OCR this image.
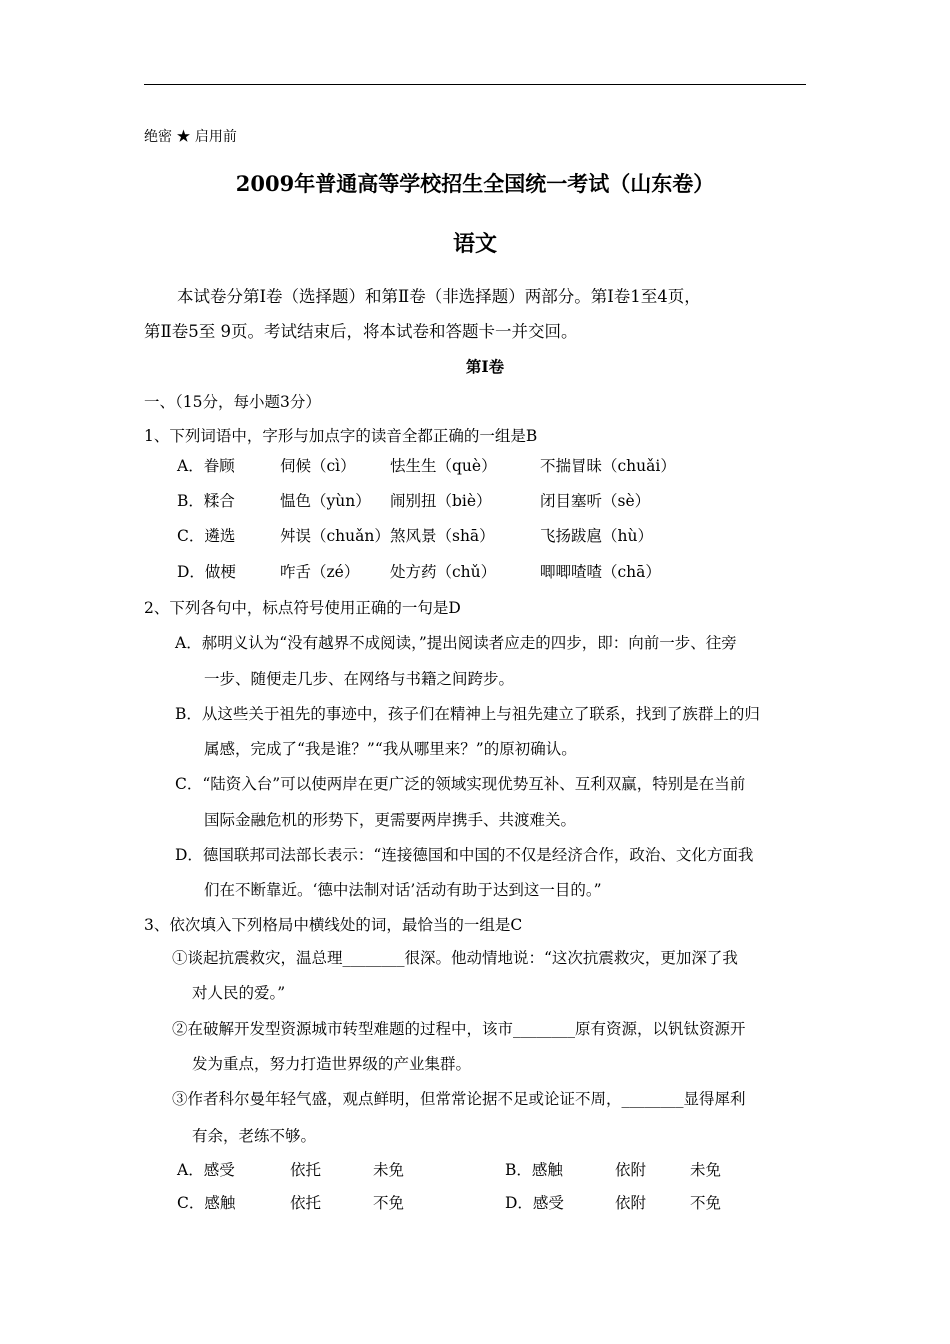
绝密 ★ 启用前
2009年普通高等学校招生全国统一考试（山东卷）
语文
本试卷分第Ⅰ卷（选择题）和第Ⅱ卷（非选择题）两部分。第Ⅰ卷1至4页，
第Ⅱ卷5至 9页。考试结束后，将本试卷和答题卡一并交回。
第Ⅰ卷
一、（15分，每小题3分）
1、下列词语中，字形与加点字的读音全都正确的一组是B
A．眷顾	伺候（cì） 怯生生（què）	不揣冒昧（chuǎi）
B．糅合	愠色（yùn） 闹别扭（biè）	闭目塞听（sè）
C．遴选	舛误（chuǎn） 煞风景（shā）	飞扬跋扈（hù）
D．做梗	咋舌（zé） 处方药（chǔ）	唧唧喳喳（chā）
2、下列各句中，标点符号使用正确的一句是D
A．郝明义认为“没有越界不成阅读，”提出阅读者应走的四步，即：向前一步、往旁
一步、随便走几步、在网络与书籍之间跨步。
B．从这些关于祖先的事迹中，孩子们在精神上与祖先建立了联系，找到了族群上的归
属感，完成了“我是谁？”“我从哪里来？”的原初确认。
C．“陆资入台”可以使两岸在更广泛的领域实现优势互补、互利双赢，特别是在当前
国际金融危机的形势下，更需要两岸携手、共渡难关。
D．德国联邦司法部长表示：“连接德国和中国的不仅是经济合作，政治、文化方面我
们在不断靠近。‘德中法制对话’活动有助于达到这一目的。”
3、依次填入下列格局中横线处的词，最恰当的一组是C
①谈起抗震救灾，温总理________很深。他动情地说：“这次抗震救灾，更加深了我
对人民的爱。”
②在破解开发型资源城市转型难题的过程中，该市________原有资源，以钒钛资源开
发为重点，努力打造世界级的产业集群。
③作者科尔曼年轻气盛，观点鲜明，但常常论据不足或论证不周，________显得犀利
有余，老练不够。
A．感受	依托	未免	B．感触	依附	未免
C．感触	依托	不免	D．感受	依附	不免
